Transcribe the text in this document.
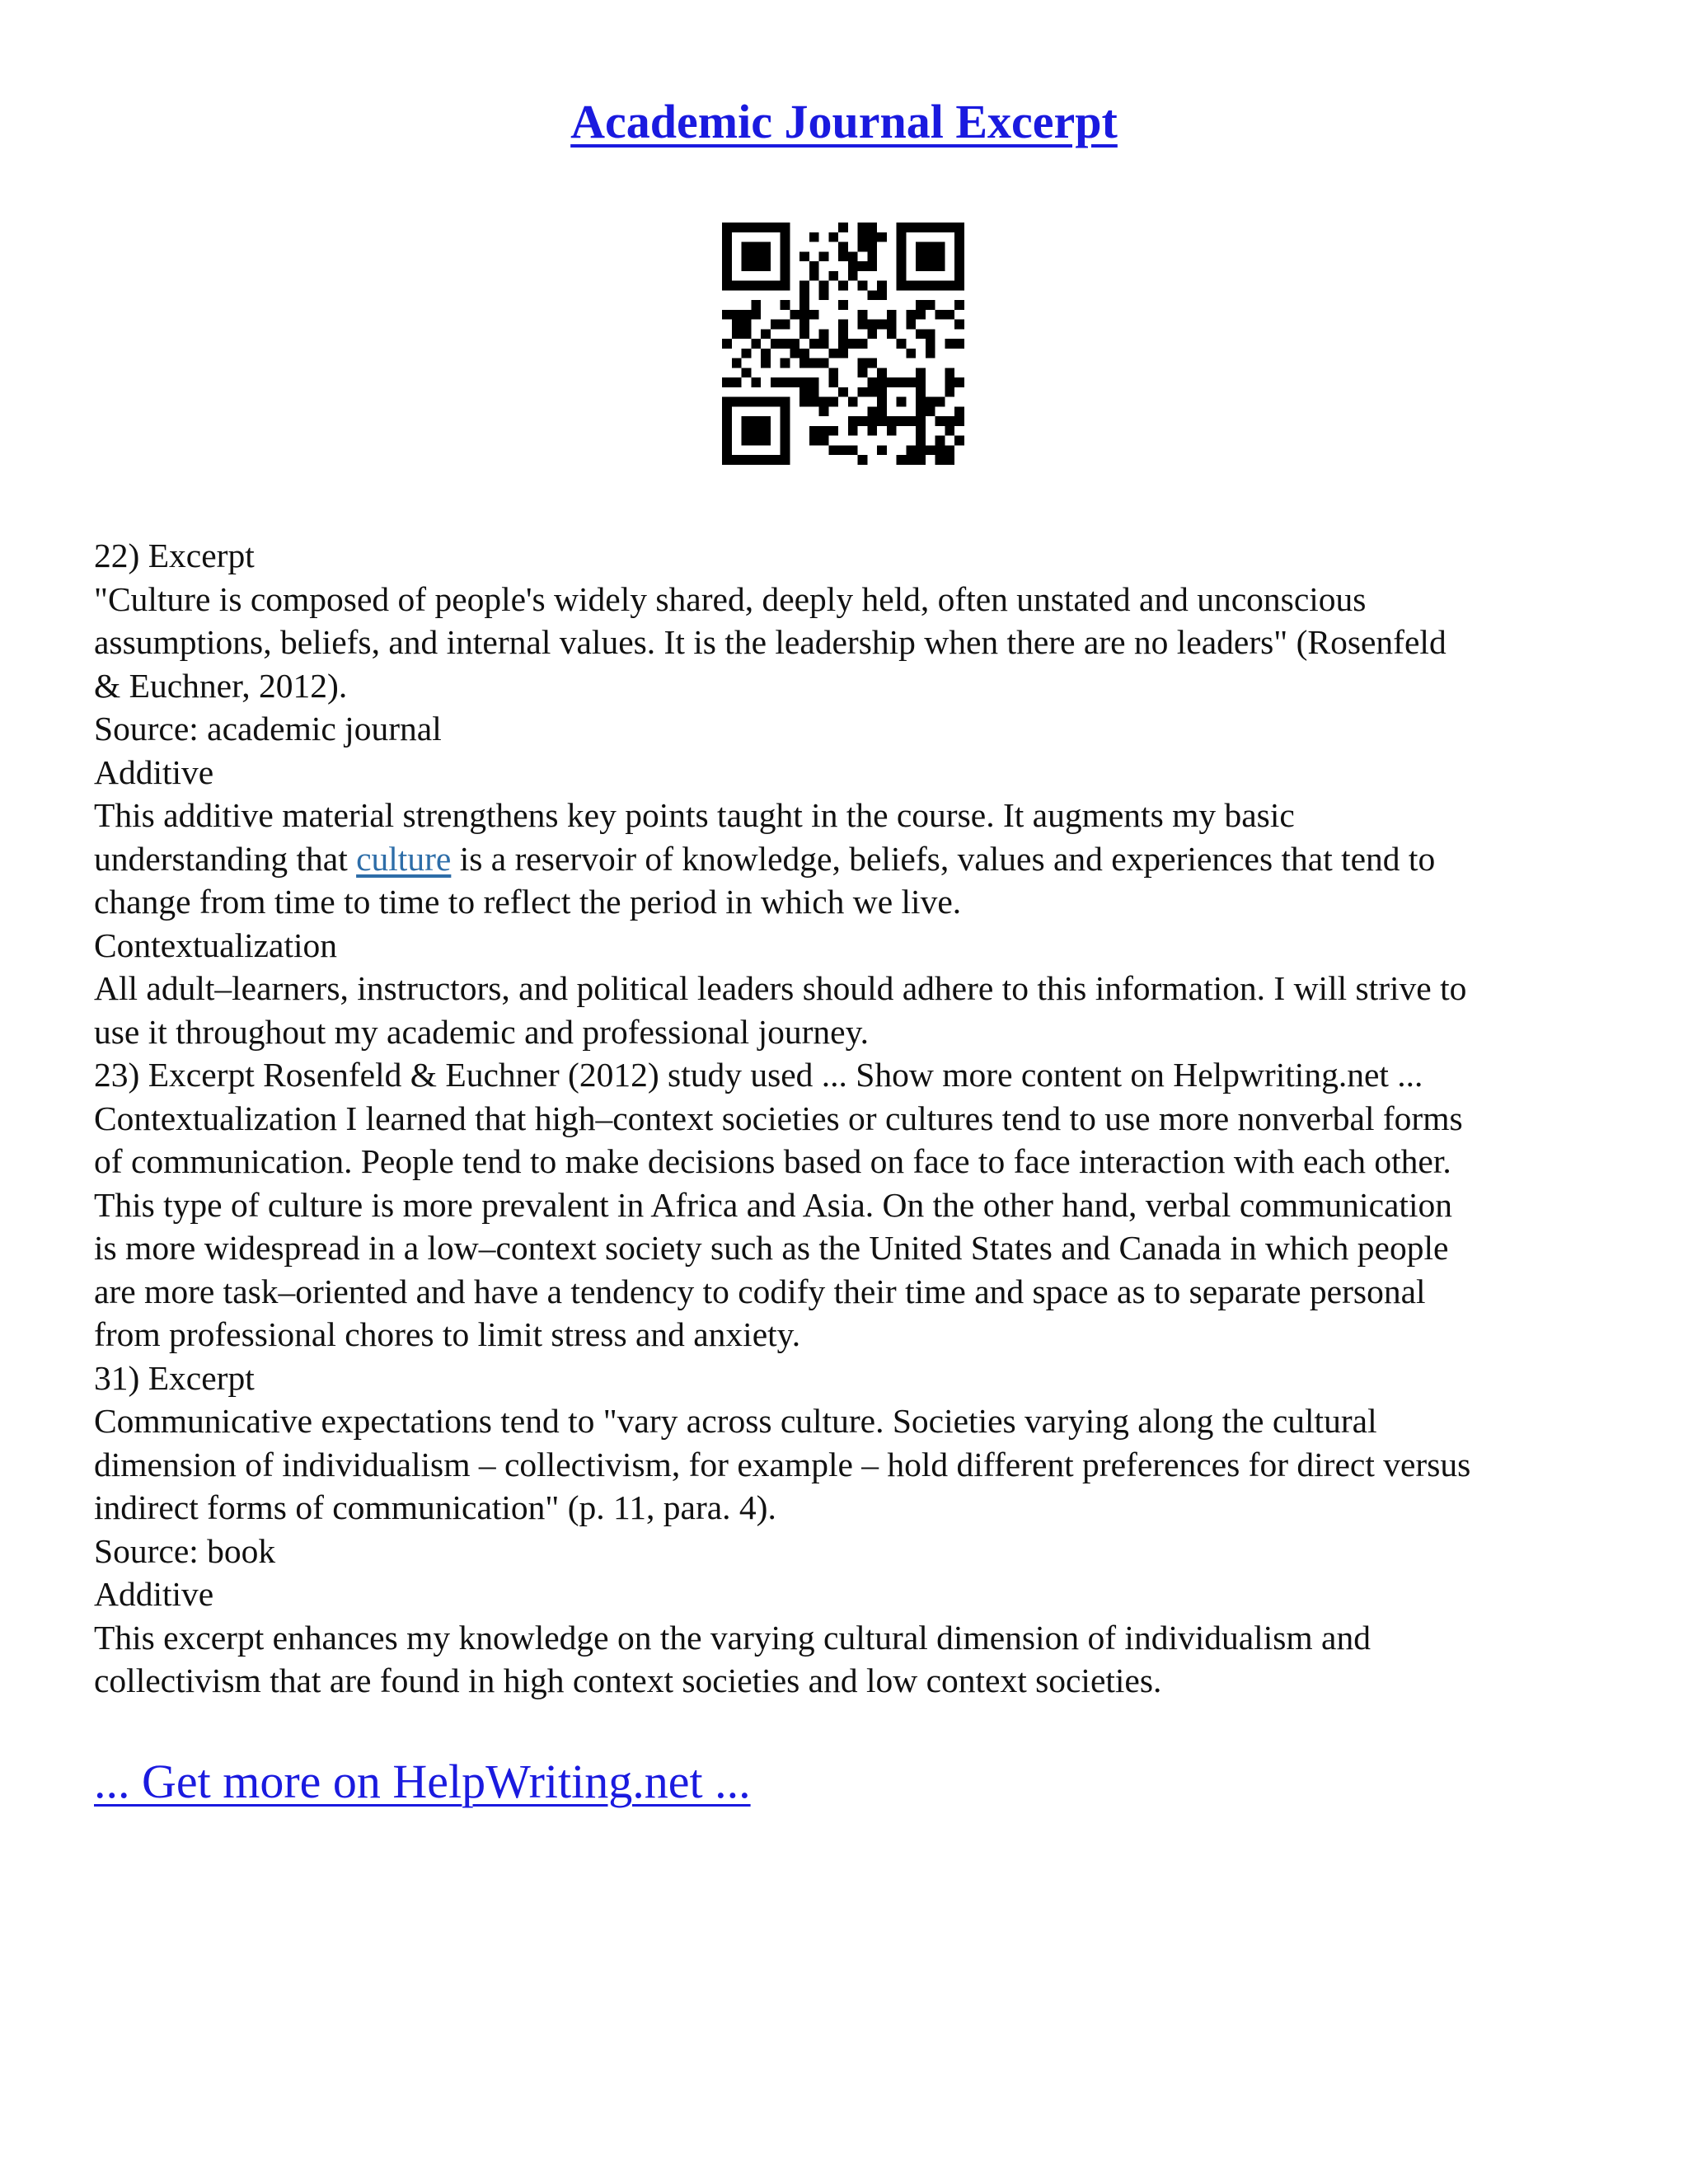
Academic Journal Excerpt

22) Excerpt

"Culture is composed of people's widely shared, deeply held, often unstated and unconscious

assumptions, beliefs, and internal values. It is the leadership when there are no leaders" (Rosenfeld

& Euchner, 2012).

Source: academic journal

Additive

This additive material strengthens key points taught in the course. It augments my basic

understanding that culture is a reservoir of knowledge, beliefs, values and experiences that tend to

change from time to time to reflect the period in which we live.

Contextualization

All adult–learners, instructors, and political leaders should adhere to this information. I will strive to

use it throughout my academic and professional journey.

23) Excerpt Rosenfeld & Euchner (2012) study used ... Show more content on Helpwriting.net ...

Contextualization I learned that high–context societies or cultures tend to use more nonverbal forms

of communication. People tend to make decisions based on face to face interaction with each other.

This type of culture is more prevalent in Africa and Asia. On the other hand, verbal communication

is more widespread in a low–context society such as the United States and Canada in which people

are more task–oriented and have a tendency to codify their time and space as to separate personal

from professional chores to limit stress and anxiety.

31) Excerpt

Communicative expectations tend to "vary across culture. Societies varying along the cultural

dimension of individualism – collectivism, for example – hold different preferences for direct versus

indirect forms of communication" (p. 11, para. 4).

Source: book

Additive

This excerpt enhances my knowledge on the varying cultural dimension of individualism and

collectivism that are found in high context societies and low context societies.

... Get more on HelpWriting.net ...
